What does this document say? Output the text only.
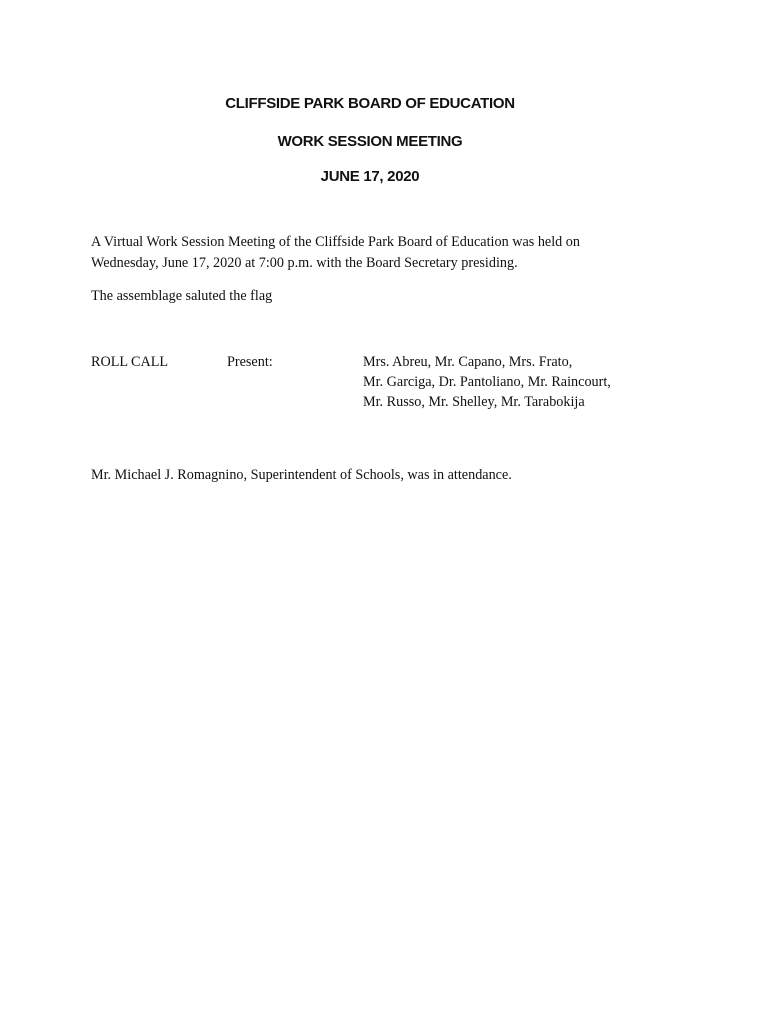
CLIFFSIDE PARK BOARD OF EDUCATION
WORK SESSION MEETING
JUNE 17, 2020
A Virtual Work Session Meeting of the Cliffside Park Board of Education was held on
Wednesday, June 17, 2020 at 7:00 p.m. with the Board Secretary presiding.
The assemblage saluted the flag
ROLL CALL	Present:	Mrs. Abreu, Mr. Capano, Mrs. Frato,
Mr. Garciga, Dr. Pantoliano, Mr. Raincourt,
Mr. Russo, Mr. Shelley, Mr. Tarabokija
Mr. Michael J. Romagnino, Superintendent of Schools, was in attendance.
